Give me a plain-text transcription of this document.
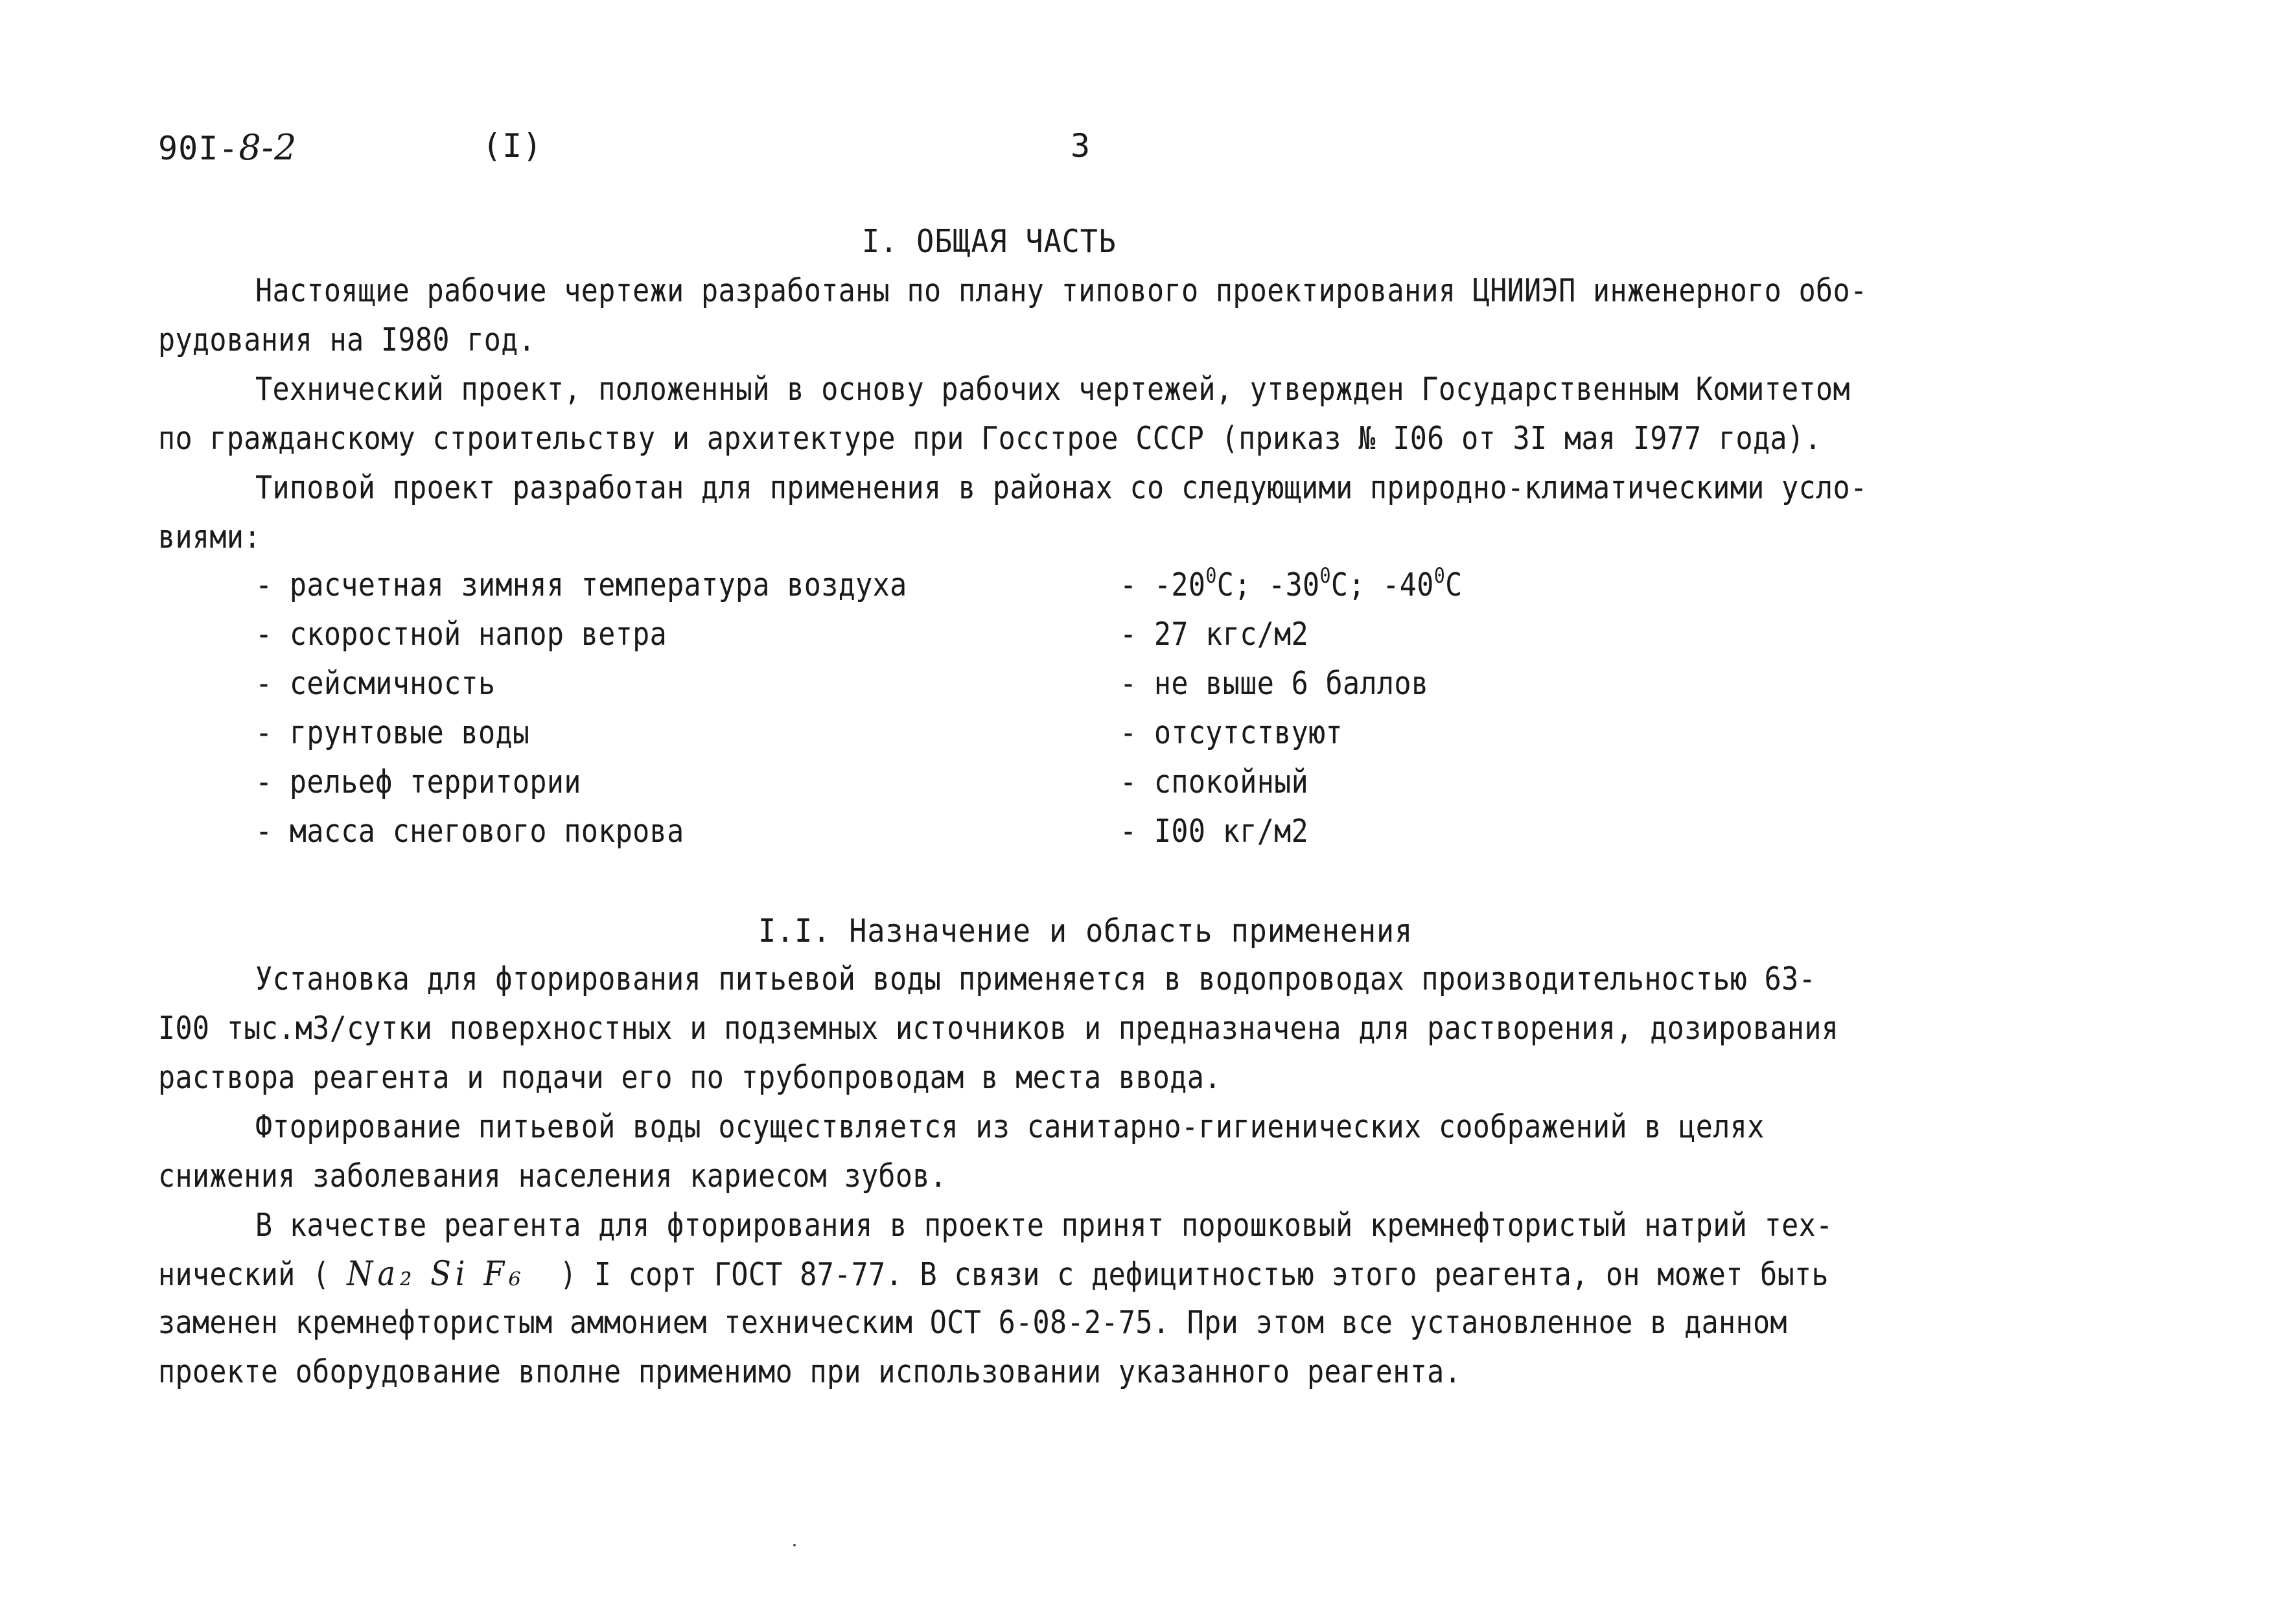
90I-8-2	(I)	3
I. ОБЩАЯ ЧАСТЬ
Настоящие рабочие чертежи разработаны по плану типового проектирования ЦНИИЭП инженерного обо-
рудования на I980 год.
Технический проект, положенный в основу рабочих чертежей, утвержден Государственным Комитетом
по гражданскому строительству и архитектуре при Госстрое СССР (приказ № I06 от 3I мая I977 года).
Типовой проект разработан для применения в районах со следующими природно-климатическими усло-
виями:
- расчетная зимняя температура воздуха	- $-20^0С$; $-30^0С$; $-40^0С$
- скоростной напор ветра	- 27 кгс/м2
- сейсмичность	- не выше 6 баллов
- грунтовые воды	- отсутствуют
- рельеф территории	- спокойный
- масса снегового покрова	- I00 кг/м2
I.I. Назначение и область применения
Установка для фторирования питьевой воды применяется в водопроводах производительностью 63-
I00 тыс.м3/сутки поверхностных и подземных источников и предназначена для растворения, дозирования
раствора реагента и подачи его по трубопроводам в места ввода.
Фторирование питьевой воды осуществляется из санитарно-гигиенических соображений в целях
снижения заболевания населения кариесом зубов.
В качестве реагента для фторирования в проекте принят порошковый кремнефтористый натрий тех-
нический ( Na₂ Si F₆ ) I сорт ГОСТ 87-77. В связи с дефицитностью этого реагента, он может быть
заменен кремнефтористым аммонием техническим ОСТ 6-08-2-75. При этом все установленное в данном
проекте оборудование вполне применимо при использовании указанного реагента.
